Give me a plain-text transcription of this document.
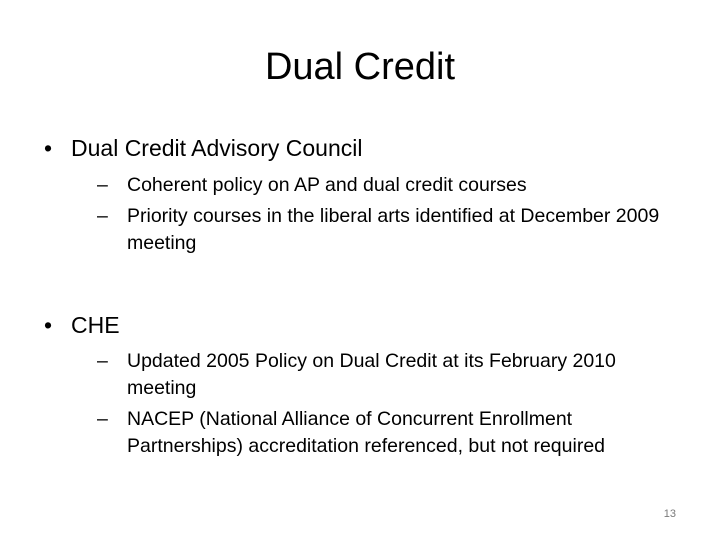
Dual Credit
• Dual Credit Advisory Council
– Coherent policy on AP and dual credit courses
– Priority courses in the liberal arts identified at December 2009 meeting
• CHE
– Updated 2005 Policy on Dual Credit at its February 2010 meeting
– NACEP (National Alliance of Concurrent Enrollment Partnerships) accreditation referenced, but not required
13
